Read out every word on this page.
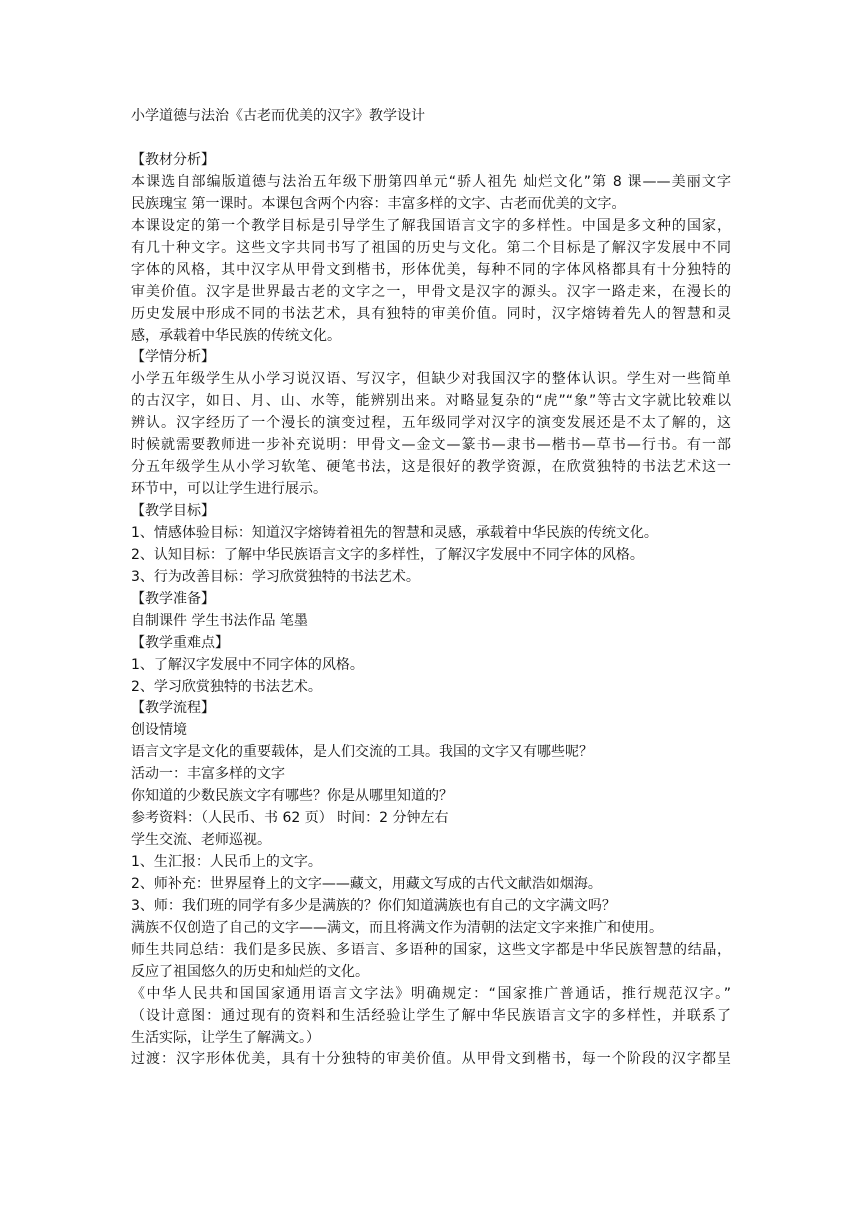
小学道德与法治《古老而优美的汉字》教学设计
【教材分析】
本课选自部编版道德与法治五年级下册第四单元“骄人祖先 灿烂文化”第 8 课——美丽文字
民族瑰宝 第一课时。本课包含两个内容：丰富多样的文字、古老而优美的文字。
本课设定的第一个教学目标是引导学生了解我国语言文字的多样性。中国是多文种的国家，
有几十种文字。这些文字共同书写了祖国的历史与文化。第二个目标是了解汉字发展中不同
字体的风格，其中汉字从甲骨文到楷书，形体优美，每种不同的字体风格都具有十分独特的
审美价值。汉字是世界最古老的文字之一，甲骨文是汉字的源头。汉字一路走来，在漫长的
历史发展中形成不同的书法艺术，具有独特的审美价值。同时，汉字熔铸着先人的智慧和灵
感，承载着中华民族的传统文化。
【学情分析】
小学五年级学生从小学习说汉语、写汉字，但缺少对我国汉字的整体认识。学生对一些简单
的古汉字，如日、月、山、水等，能辨别出来。对略显复杂的“虎”“象”等古文字就比较难以
辨认。汉字经历了一个漫长的演变过程，五年级同学对汉字的演变发展还是不太了解的，这
时候就需要教师进一步补充说明：甲骨文—金文—篆书—隶书—楷书—草书—行书。有一部
分五年级学生从小学习软笔、硬笔书法，这是很好的教学资源，在欣赏独特的书法艺术这一
环节中，可以让学生进行展示。
【教学目标】
1、情感体验目标：知道汉字熔铸着祖先的智慧和灵感，承载着中华民族的传统文化。
2、认知目标：了解中华民族语言文字的多样性，了解汉字发展中不同字体的风格。
3、行为改善目标：学习欣赏独特的书法艺术。
【教学准备】
自制课件 学生书法作品 笔墨
【教学重难点】
1、了解汉字发展中不同字体的风格。
2、学习欣赏独特的书法艺术。
【教学流程】
创设情境
语言文字是文化的重要载体，是人们交流的工具。我国的文字又有哪些呢？
活动一：丰富多样的文字
你知道的少数民族文字有哪些？你是从哪里知道的？
参考资料：（人民币、书 62 页） 时间：2 分钟左右
学生交流、老师巡视。
1、生汇报：人民币上的文字。
2、师补充：世界屋脊上的文字——藏文，用藏文写成的古代文献浩如烟海。
3、师：我们班的同学有多少是满族的？你们知道满族也有自己的文字满文吗？
满族不仅创造了自己的文字——满文，而且将满文作为清朝的法定文字来推广和使用。
师生共同总结：我们是多民族、多语言、多语种的国家，这些文字都是中华民族智慧的结晶，
反应了祖国悠久的历史和灿烂的文化。
《中华人民共和国国家通用语言文字法》明确规定：“国家推广普通话，推行规范汉字。”
（设计意图：通过现有的资料和生活经验让学生了解中华民族语言文字的多样性，并联系了
生活实际，让学生了解满文。）
过渡：汉字形体优美，具有十分独特的审美价值。从甲骨文到楷书，每一个阶段的汉字都呈
